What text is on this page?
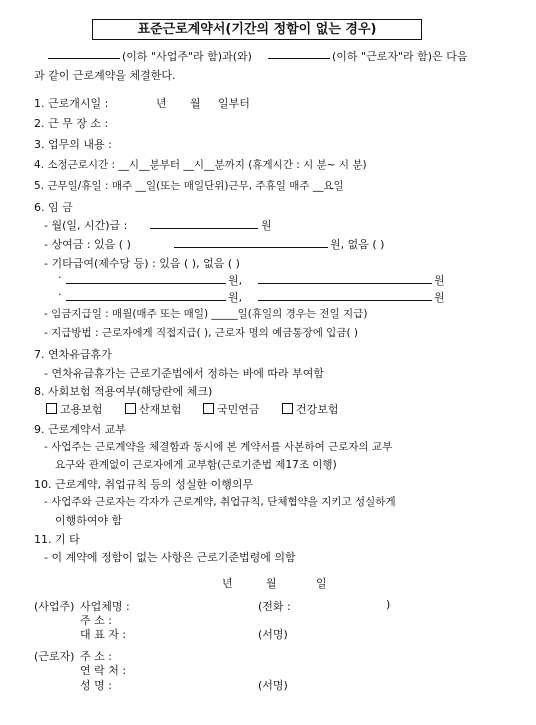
표준근로계약서(기간의 정함이 없는 경우)
(이하 "사업주"라 함)과(와)	(이하 "근로자"라 함)은 다음
과 같이 근로계약을 체결한다.
1. 근로개시일 :	년 월 일부터
2. 근 무 장 소 :
3. 업무의 내용 :
4. 소정근로시간 : __시__분부터 __시__분까지 (휴게시간 : 시 분~ 시 분)
5. 근무일/휴일 : 매주 __일(또는 매일단위)근무, 주휴일 매주 __요일
6. 임 금
- 월(일, 시간)급 :	원
- 상여금 : 있음 ( )	원, 없음 ( )
- 기타급여(제수당 등) : 있음 ( ), 없음 ( )
·	원,	원
·	원,	원
- 임금지급일 : 매월(매주 또는 매일) _____일(휴일의 경우는 전일 지급)
- 지급방법 : 근로자에게 직접지급( ), 근로자 명의 예금통장에 입금( )
7. 연차유급휴가
- 연차유급휴가는 근로기준법에서 정하는 바에 따라 부여함
8. 사회보험 적용여부(해당란에 체크)
고용보험	산재보험	국민연금	건강보험
9. 근로계약서 교부
- 사업주는 근로계약을 체결함과 동시에 본 계약서를 사본하여 근로자의 교부
요구와 관계없이 근로자에게 교부함(근로기준법 제17조 이행)
10. 근로계약, 취업규칙 등의 성실한 이행의무
- 사업주와 근로자는 각자가 근로계약, 취업규칙, 단체협약을 지키고 성실하게
이행하여야 함
11. 기 타
- 이 계약에 정함이 없는 사항은 근로기준법령에 의함
년	월	일
(사업주) 사업체명 :	(전화 :	)
주 소 :
대 표 자 :	(서명)
(근로자) 주 소 :
연 락 처 :
성 명 :	(서명)
